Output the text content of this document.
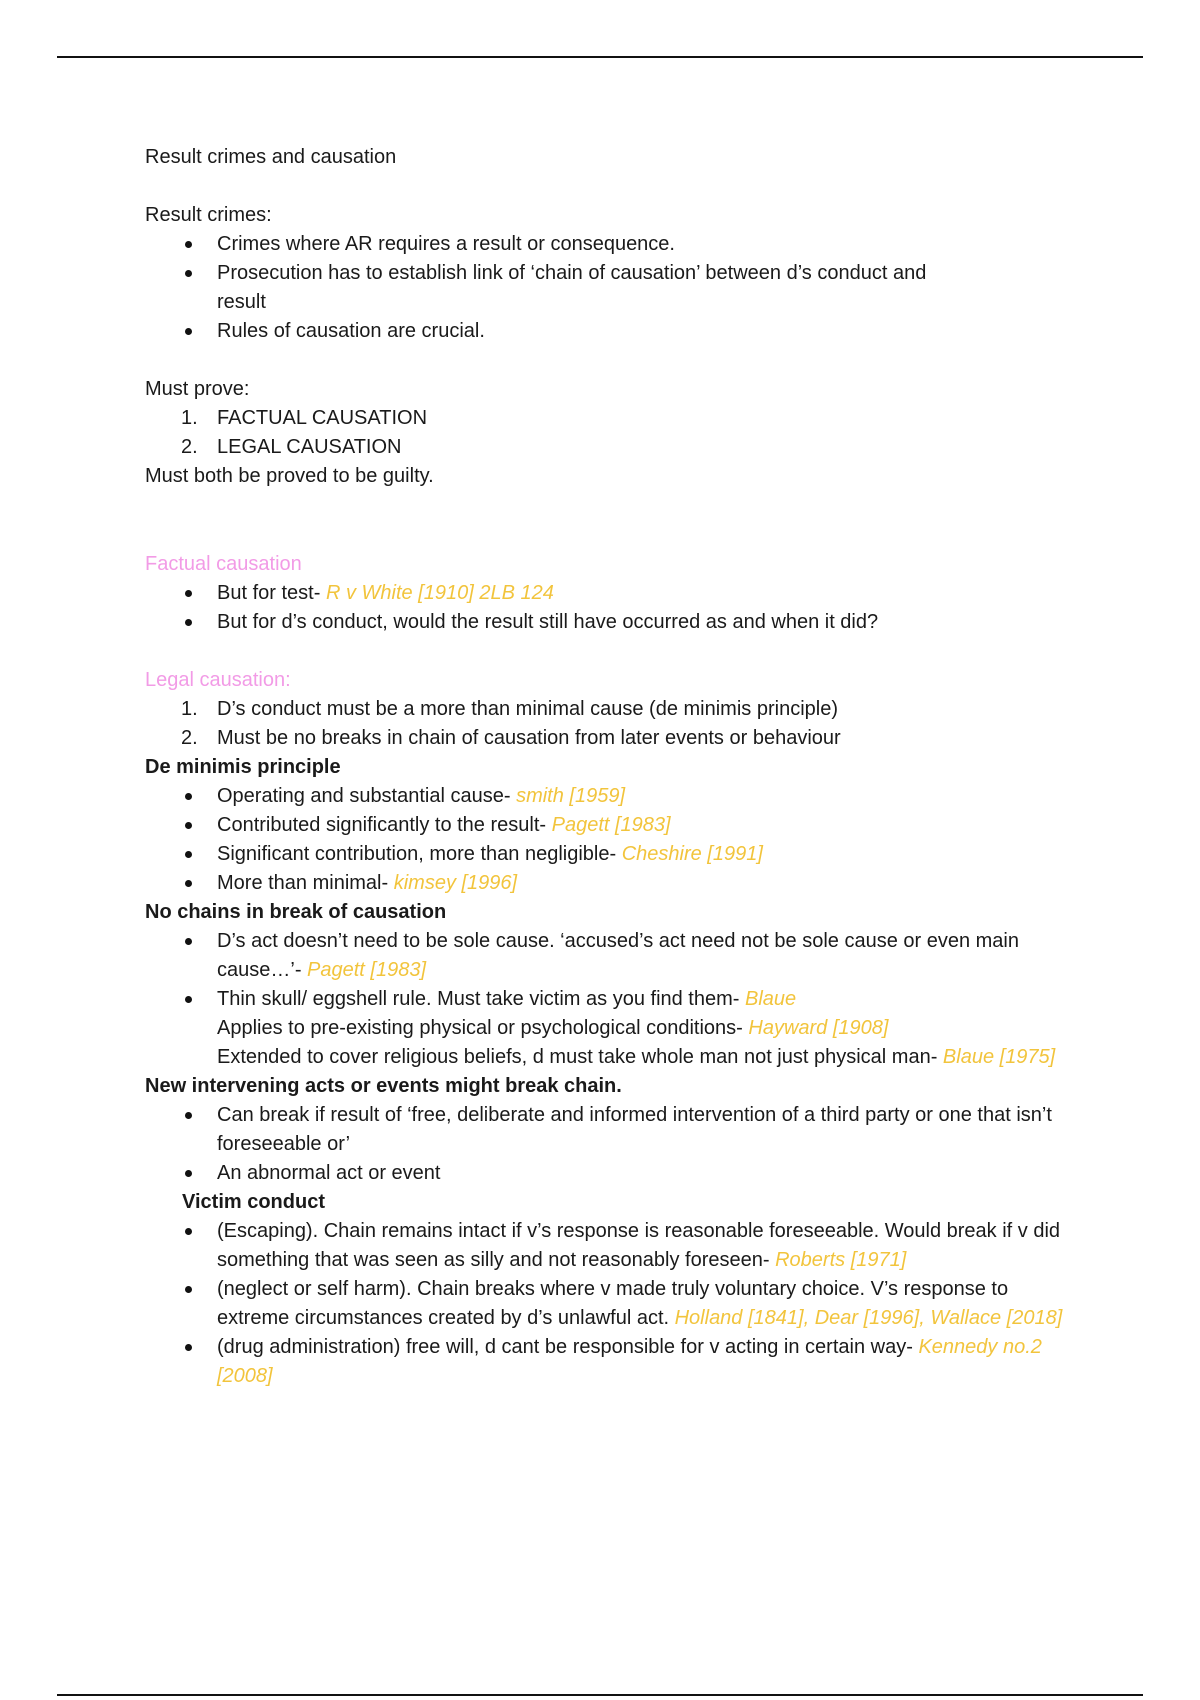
Result crimes and causation

Result crimes:

Crimes where AR requires a result or consequence.
Prosecution has to establish link of ‘chain of causation’ between d’s conduct and result
Rules of causation are crucial.

Must prove:

1. FACTUAL CAUSATION
2. LEGAL CAUSATION

Must both be proved to be guilty.

Factual causation

But for test- R v White [1910] 2LB 124
But for d’s conduct, would the result still have occurred as and when it did?

Legal causation:

1. D’s conduct must be a more than minimal cause (de minimis principle)
2. Must be no breaks in chain of causation from later events or behaviour

De minimis principle

Operating and substantial cause- smith [1959]
Contributed significantly to the result- Pagett [1983]
Significant contribution, more than negligible- Cheshire [1991]
More than minimal- kimsey [1996]

No chains in break of causation

D’s act doesn’t need to be sole cause. ‘accused’s act need not be sole cause or even main cause…’- Pagett [1983]
Thin skull/ eggshell rule. Must take victim as you find them- Blaue
Applies to pre-existing physical or psychological conditions- Hayward [1908]
Extended to cover religious beliefs, d must take whole man not just physical man- Blaue [1975]

New intervening acts or events might break chain.

Can break if result of ‘free, deliberate and informed intervention of a third party or one that isn’t foreseeable or’
An abnormal act or event

Victim conduct

(Escaping). Chain remains intact if v’s response is reasonable foreseeable. Would break if v did something that was seen as silly and not reasonably foreseen- Roberts [1971]
(neglect or self harm). Chain breaks where v made truly voluntary choice. V’s response to extreme circumstances created by d’s unlawful act. Holland [1841], Dear [1996], Wallace [2018]
(drug administration) free will, d cant be responsible for v acting in certain way- Kennedy no.2 [2008]
